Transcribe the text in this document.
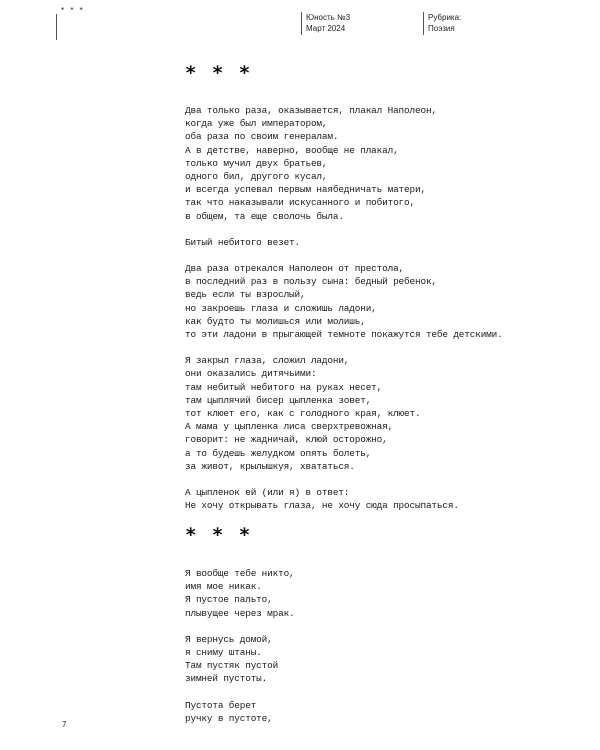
* * *
Юность №3
Март 2024
Рубрика:
Поэзия
* * *
Два только раза, оказывается, плакал Наполеон,
когда уже был императором,
оба раза по своим генералам.
А в детстве, наверно, вообще не плакал,
только мучил двух братьев,
одного бил, другого кусал,
и всегда успевал первым наябедничать матери,
так что наказывали искусанного и побитого,
в общем, та еще сволочь была.
Битый небитого везет.
Два раза отрекался Наполеон от престола,
в последний раз в пользу сына: бедный ребенок,
ведь если ты взрослый,
но закроешь глаза и сложишь ладони,
как будто ты молишься или молишь,
то эти ладони в прыгающей темноте покажутся тебе детскими.
Я закрыл глаза, сложил ладони,
они оказались дитячьими:
там небитый небитого на руках несет,
там цыплячий бисер цыпленка зовет,
тот клюет его, как с голодного края, клюет.
А мама у цыпленка лиса сверхтревожная,
говорит: не жадничай, клюй осторожно,
а то будешь желудком опять болеть,
за живот, крылышкуя, хвататься.
А цыпленок ей (или я) в ответ:
Не хочу открывать глаза, не хочу сюда просыпаться.
* * *
Я вообще тебе никто,
имя мое никак.
Я пустое пальто,
плывущее через мрак.
Я вернусь домой,
я сниму штаны.
Там пустяк пустой
зимней пустоты.
Пустота берет
ручку в пустоте,
7
